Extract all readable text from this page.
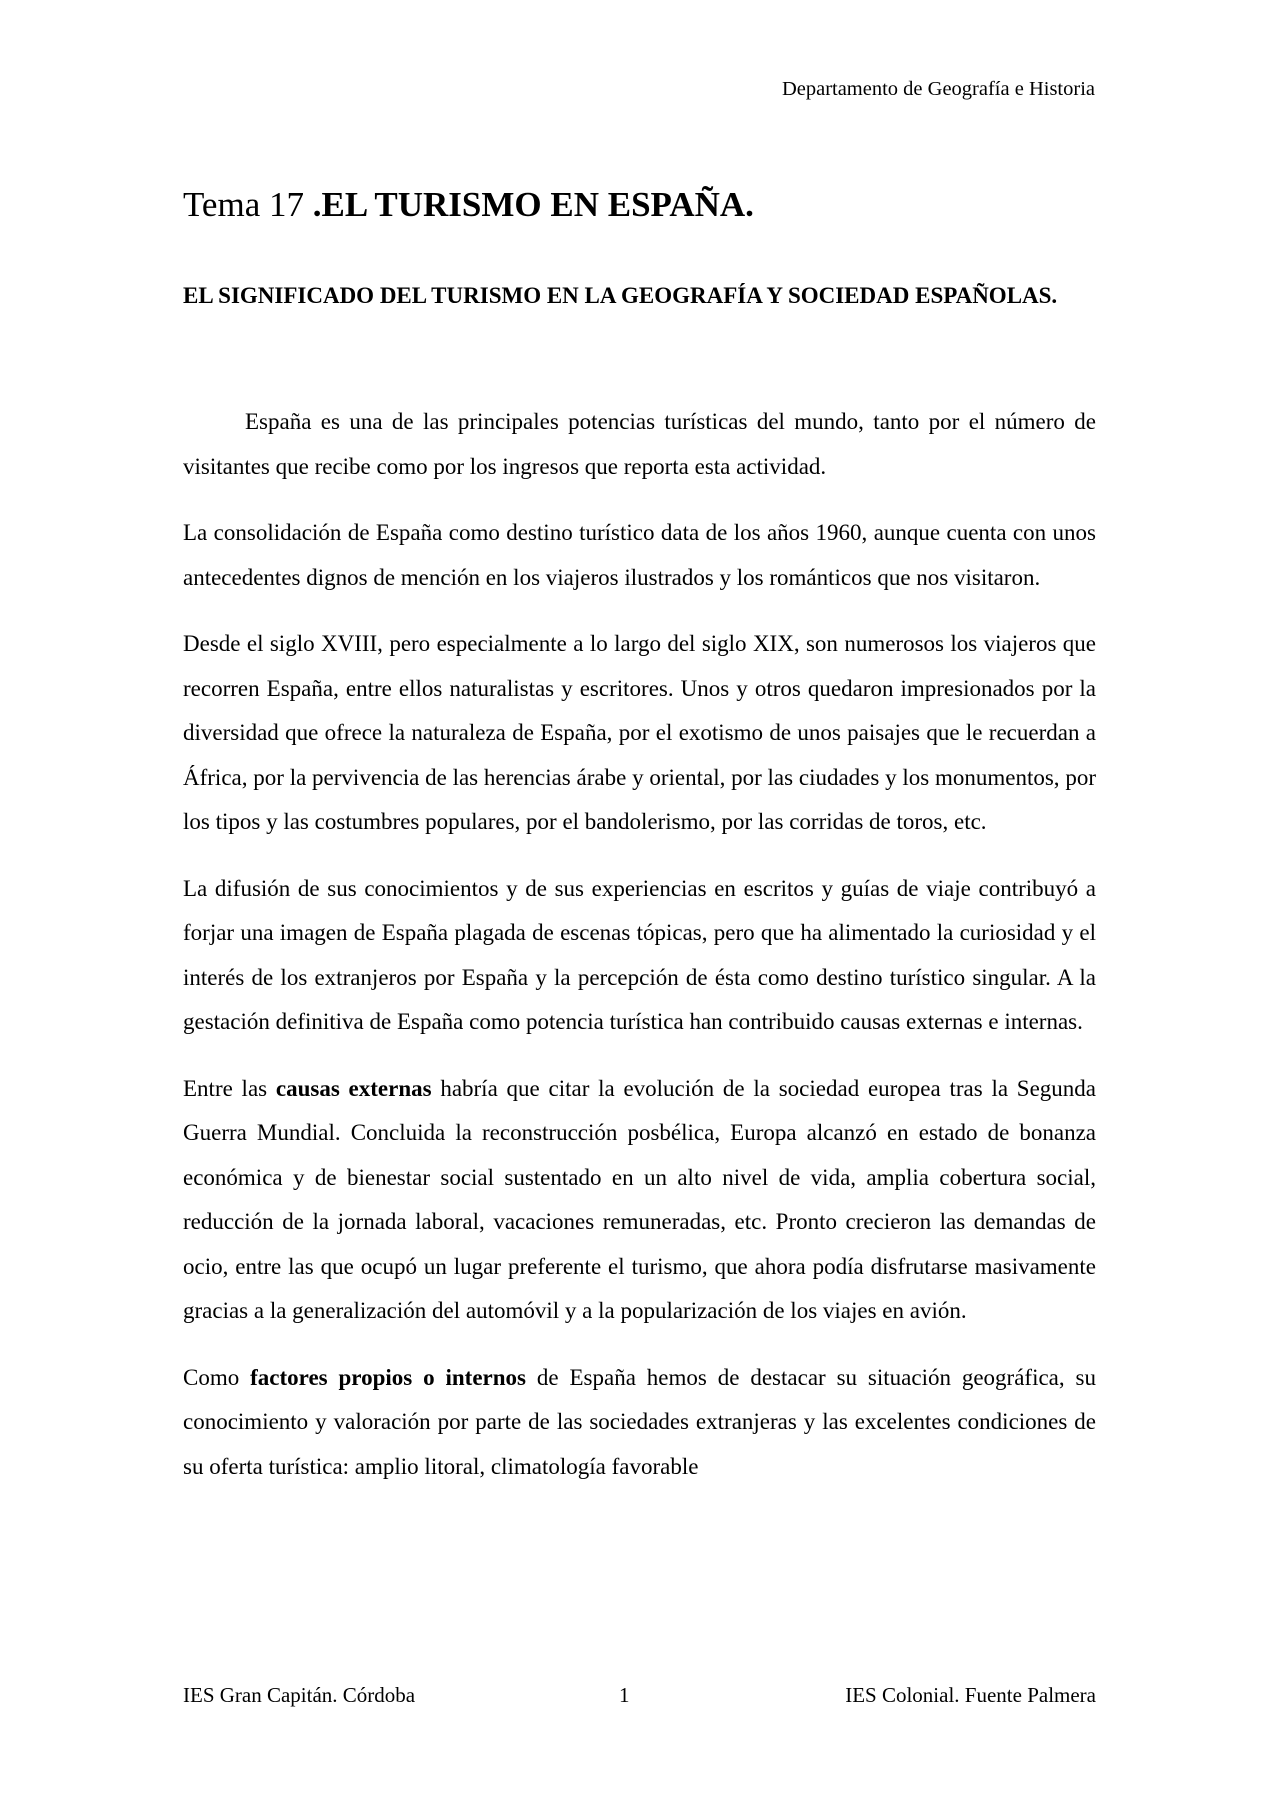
Departamento de Geografía e Historia
Tema 17 .EL TURISMO EN ESPAÑA.
EL SIGNIFICADO DEL TURISMO EN LA GEOGRAFÍA Y SOCIEDAD ESPAÑOLAS.

España es una de las principales potencias turísticas del mundo, tanto por el número de visitantes que recibe como por los ingresos que reporta esta actividad.

La consolidación de España como destino turístico data de los años 1960, aunque cuenta con unos antecedentes dignos de mención en los viajeros ilustrados y los románticos que nos visitaron.

Desde el siglo XVIII, pero especialmente a lo largo del siglo XIX, son numerosos los viajeros que recorren España, entre ellos naturalistas y escritores. Unos y otros quedaron impresionados por la diversidad que ofrece la naturaleza de España, por el exotismo de unos paisajes que le recuerdan a África, por la pervivencia de las herencias árabe y oriental, por las ciudades y los monumentos, por los tipos y las costumbres populares, por el bandolerismo, por las corridas de toros, etc.

La difusión de sus conocimientos y de sus experiencias en escritos y guías de viaje contribuyó a forjar una imagen de España plagada de escenas tópicas, pero que ha alimentado la curiosidad y el interés de los extranjeros por España y la percepción de ésta como destino turístico singular. A la gestación definitiva de España como potencia turística han contribuido causas externas e internas.

Entre las causas externas habría que citar la evolución de la sociedad europea tras la Segunda Guerra Mundial. Concluida la reconstrucción posbélica, Europa alcanzó en estado de bonanza económica y de bienestar social sustentado en un alto nivel de vida, amplia cobertura social, reducción de la jornada laboral, vacaciones remuneradas, etc. Pronto crecieron las demandas de ocio, entre las que ocupó un lugar preferente el turismo, que ahora podía disfrutarse masivamente gracias a la generalización del automóvil y a la popularización de los viajes en avión.

Como factores propios o internos de España hemos de destacar su situación geográfica, su conocimiento y valoración por parte de las sociedades extranjeras y las excelentes condiciones de su oferta turística: amplio litoral, climatología favorable

IES Gran Capitán. Córdoba	1	IES Colonial. Fuente Palmera
